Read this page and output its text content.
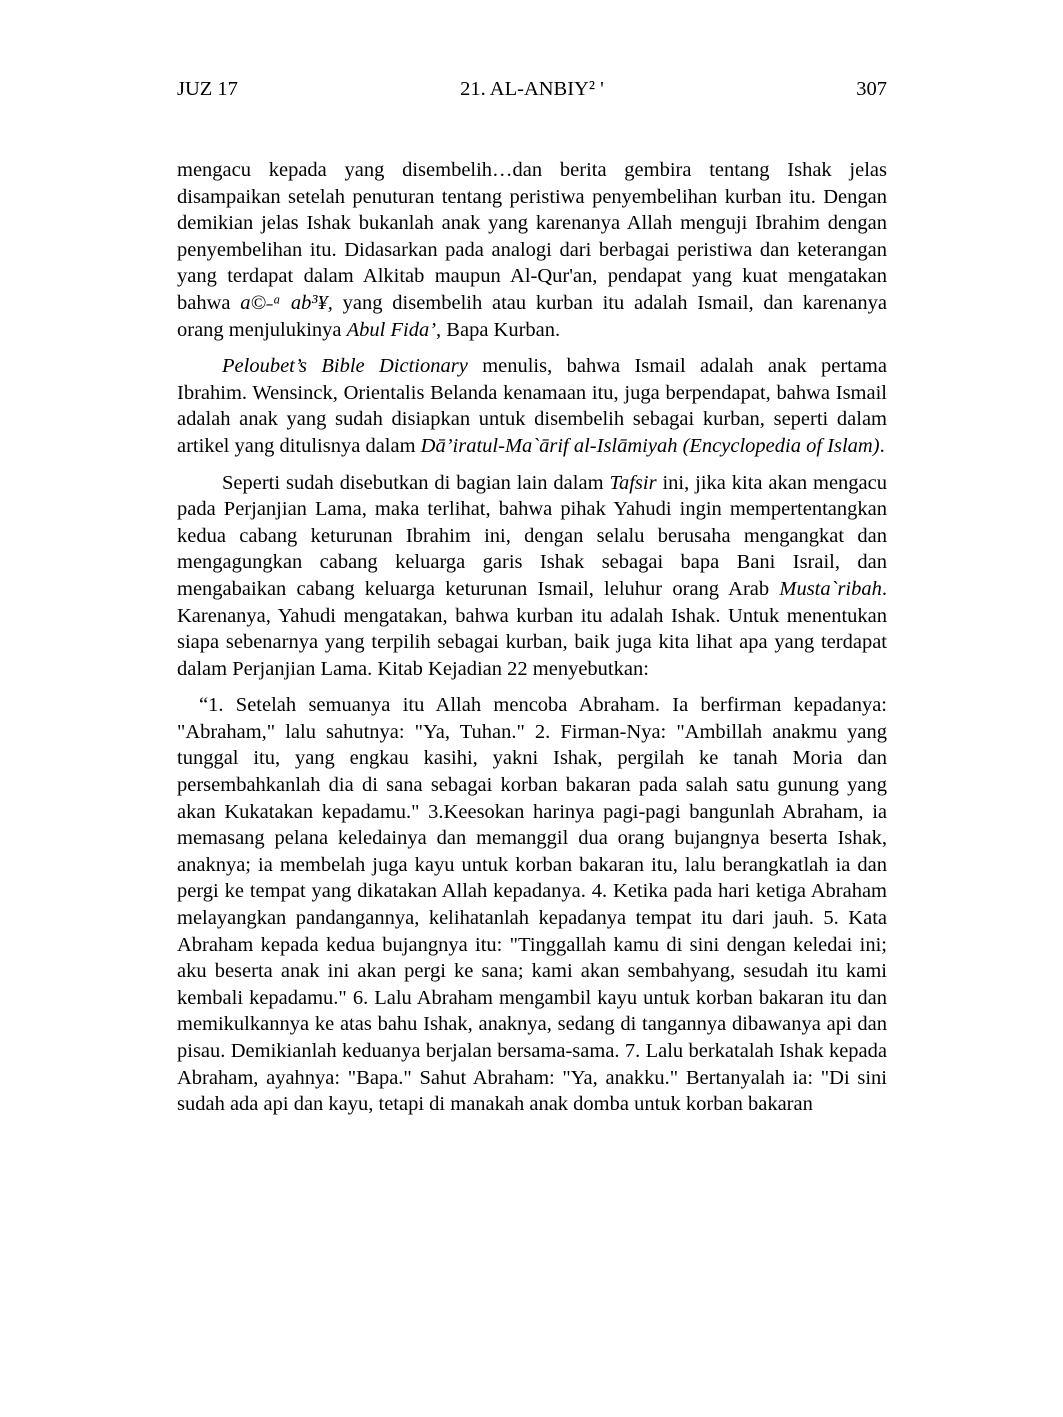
JUZ 17	21. AL-ANBIY² '	307

mengacu kepada yang disembelih…dan berita gembira tentang Ishak jelas disampaikan setelah penuturan tentang peristiwa penyembelihan kurban itu. Dengan demikian jelas Ishak bukanlah anak yang karenanya Allah menguji Ibrahim dengan penyembelihan itu. Didasarkan pada analogi dari berbagai peristiwa dan keterangan yang terdapat dalam Alkitab maupun Al-Qur'an, pendapat yang kuat mengatakan bahwa a©˗ᵃ ab³¥, yang disembelih atau kurban itu adalah Ismail, dan karenanya orang menjulukinya Abul Fida’, Bapa Kurban.

Peloubet’s Bible Dictionary menulis, bahwa Ismail adalah anak pertama Ibrahim. Wensinck, Orientalis Belanda kenamaan itu, juga berpendapat, bahwa Ismail adalah anak yang sudah disiapkan untuk disembelih sebagai kurban, seperti dalam artikel yang ditulisnya dalam Dā’iratul-Ma`ārif al-Islāmiyah (Encyclopedia of Islam).

Seperti sudah disebutkan di bagian lain dalam Tafsir ini, jika kita akan mengacu pada Perjanjian Lama, maka terlihat, bahwa pihak Yahudi ingin mempertentangkan kedua cabang keturunan Ibrahim ini, dengan selalu berusaha mengangkat dan mengagungkan cabang keluarga garis Ishak sebagai bapa Bani Israil, dan mengabaikan cabang keluarga keturunan Ismail, leluhur orang Arab Musta`ribah. Karenanya, Yahudi mengatakan, bahwa kurban itu adalah Ishak. Untuk menentukan siapa sebenarnya yang terpilih sebagai kurban, baik juga kita lihat apa yang terdapat dalam Perjanjian Lama. Kitab Kejadian 22 menyebutkan:

“1. Setelah semuanya itu Allah mencoba Abraham. Ia berfirman kepadanya: "Abraham," lalu sahutnya: "Ya, Tuhan." 2. Firman-Nya: "Ambillah anakmu yang tunggal itu, yang engkau kasihi, yakni Ishak, pergilah ke tanah Moria dan persembahkanlah dia di sana sebagai korban bakaran pada salah satu gunung yang akan Kukatakan kepadamu." 3.Keesokan harinya pagi-pagi bangunlah Abraham, ia memasang pelana keledainya dan memanggil dua orang bujangnya beserta Ishak, anaknya; ia membelah juga kayu untuk korban bakaran itu, lalu berangkatlah ia dan pergi ke tempat yang dikatakan Allah kepadanya. 4. Ketika pada hari ketiga Abraham melayangkan pandangannya, kelihatanlah kepadanya tempat itu dari jauh. 5. Kata Abraham kepada kedua bujangnya itu: "Tinggallah kamu di sini dengan keledai ini; aku beserta anak ini akan pergi ke sana; kami akan sembahyang, sesudah itu kami kembali kepadamu." 6. Lalu Abraham mengambil kayu untuk korban bakaran itu dan memikulkannya ke atas bahu Ishak, anaknya, sedang di tangannya dibawanya api dan pisau. Demikianlah keduanya berjalan bersama-sama. 7. Lalu berkatalah Ishak kepada Abraham, ayahnya: "Bapa." Sahut Abraham: "Ya, anakku." Bertanyalah ia: "Di sini sudah ada api dan kayu, tetapi di manakah anak domba untuk korban bakaran
